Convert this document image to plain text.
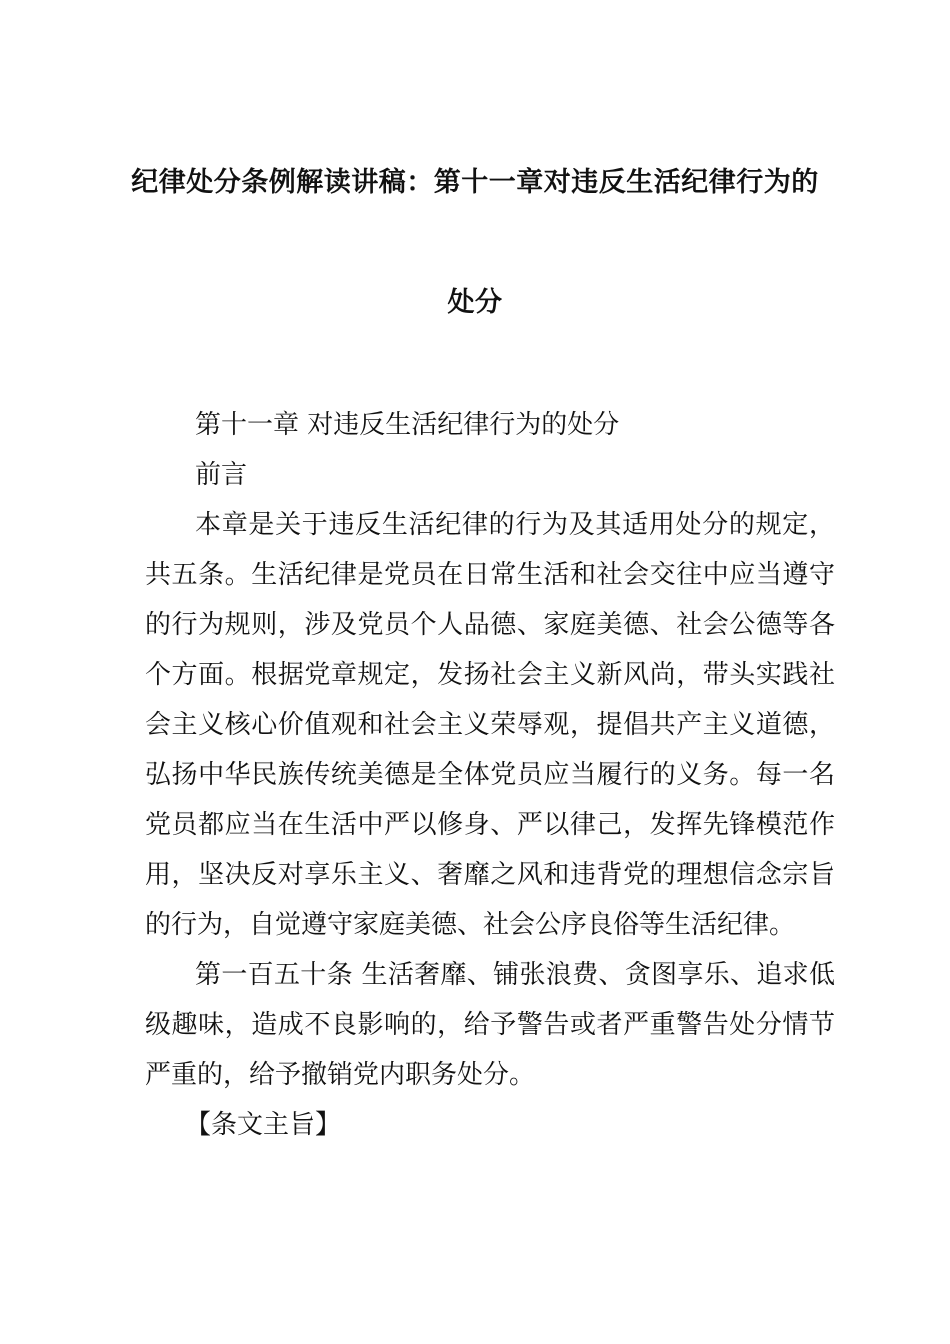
纪律处分条例解读讲稿：第十一章对违反生活纪律行为的
处分

第十一章 对违反生活纪律行为的处分

前言

本章是关于违反生活纪律的行为及其适用处分的规定，共五条。生活纪律是党员在日常生活和社会交往中应当遵守的行为规则，涉及党员个人品德、家庭美德、社会公德等各个方面。根据党章规定，发扬社会主义新风尚，带头实践社会主义核心价值观和社会主义荣辱观，提倡共产主义道德，弘扬中华民族传统美德是全体党员应当履行的义务。每一名党员都应当在生活中严以修身、严以律己，发挥先锋模范作用，坚决反对享乐主义、奢靡之风和违背党的理想信念宗旨的行为，自觉遵守家庭美德、社会公序良俗等生活纪律。

第一百五十条 生活奢靡、铺张浪费、贪图享乐、追求低级趣味，造成不良影响的，给予警告或者严重警告处分情节严重的，给予撤销党内职务处分。

【条文主旨】
